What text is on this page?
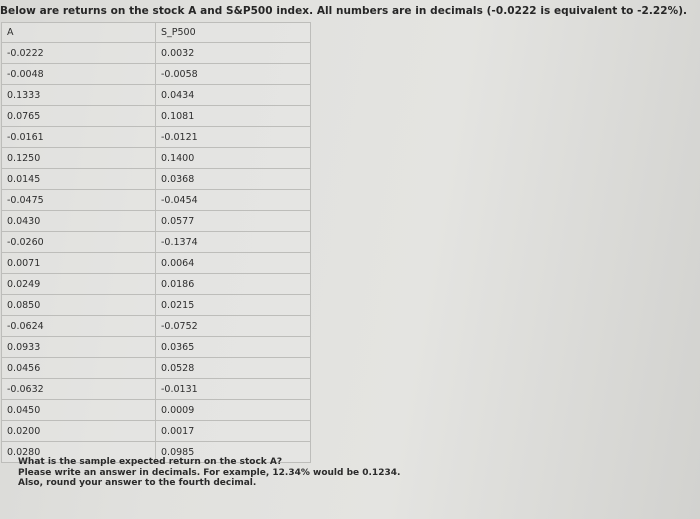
Below are returns on the stock A and S&P500 index. All numbers are in decimals (-0.0222 is equivalent to -2.22%).
A	S_P500
-0.0222	0.0032
-0.0048	-0.0058
0.1333	0.0434
0.0765	0.1081
-0.0161	-0.0121
0.1250	0.1400
0.0145	0.0368
-0.0475	-0.0454
0.0430	0.0577
-0.0260	-0.1374
0.0071	0.0064
0.0249	0.0186
0.0850	0.0215
-0.0624	-0.0752
0.0933	0.0365
0.0456	0.0528
-0.0632	-0.0131
0.0450	0.0009
0.0200	0.0017
0.0280	0.0985
What is the sample expected return on the stock A?
Please write an answer in decimals. For example, 12.34% would be 0.1234.
Also, round your answer to the fourth decimal.
